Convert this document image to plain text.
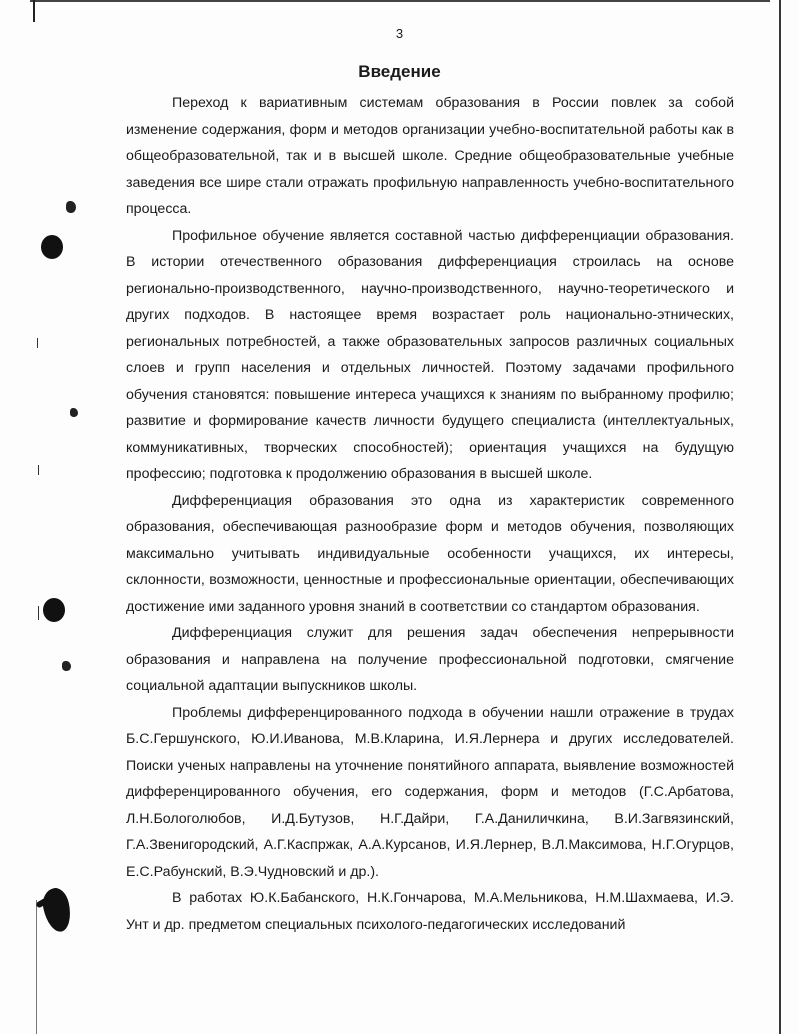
3
Введение

Переход к вариативным системам образования в России повлек за собой изменение содержания, форм и методов организации учебно-воспитательной работы как в общеобразовательной, так и в высшей школе. Средние общеобразовательные учебные заведения все шире стали отражать профильную направленность учебно-воспитательного процесса.

Профильное обучение является составной частью дифференциации образования. В истории отечественного образования дифференциация строилась на основе регионально-производственного, научно-производственного, научно-теоретического и других подходов. В настоящее время возрастает роль национально-этнических, региональных потребностей, а также образовательных запросов различных социальных слоев и групп населения и отдельных личностей. Поэтому задачами профильного обучения становятся: повышение интереса учащихся к знаниям по выбранному профилю; развитие и формирование качеств личности будущего специалиста (интеллектуальных, коммуникативных, творческих способностей); ориентация учащихся на будущую профессию; подготовка к продолжению образования в высшей школе.

Дифференциация образования это одна из характеристик современного образования, обеспечивающая разнообразие форм и методов обучения, позволяющих максимально учитывать индивидуальные особенности учащихся, их интересы, склонности, возможности, ценностные и профессиональные ориентации, обеспечивающих достижение ими заданного уровня знаний в соответствии со стандартом образования.

Дифференциация служит для решения задач обеспечения непрерывности образования и направлена на получение профессиональной подготовки, смягчение социальной адаптации выпускников школы.

Проблемы дифференцированного подхода в обучении нашли отражение в трудах Б.С.Гершунского, Ю.И.Иванова, М.В.Кларина, И.Я.Лернера и других исследователей. Поиски ученых направлены на уточнение понятийного аппарата, выявление возможностей дифференцированного обучения, его содержания, форм и методов (Г.С.Арбатова, Л.Н.Бологолюбов, И.Д.Бутузов, Н.Г.Дайри, Г.А.Даниличкина, В.И.Загвязинский, Г.А.Звенигородский, А.Г.Каспржак, А.А.Курсанов, И.Я.Лернер, В.Л.Максимова, Н.Г.Огурцов, Е.С.Рабунский, В.Э.Чудновский и др.).

В работах Ю.К.Бабанского, Н.К.Гончарова, М.А.Мельникова, Н.М.Шахмаева, И.Э. Унт и др. предметом специальных психолого-педагогических исследований
